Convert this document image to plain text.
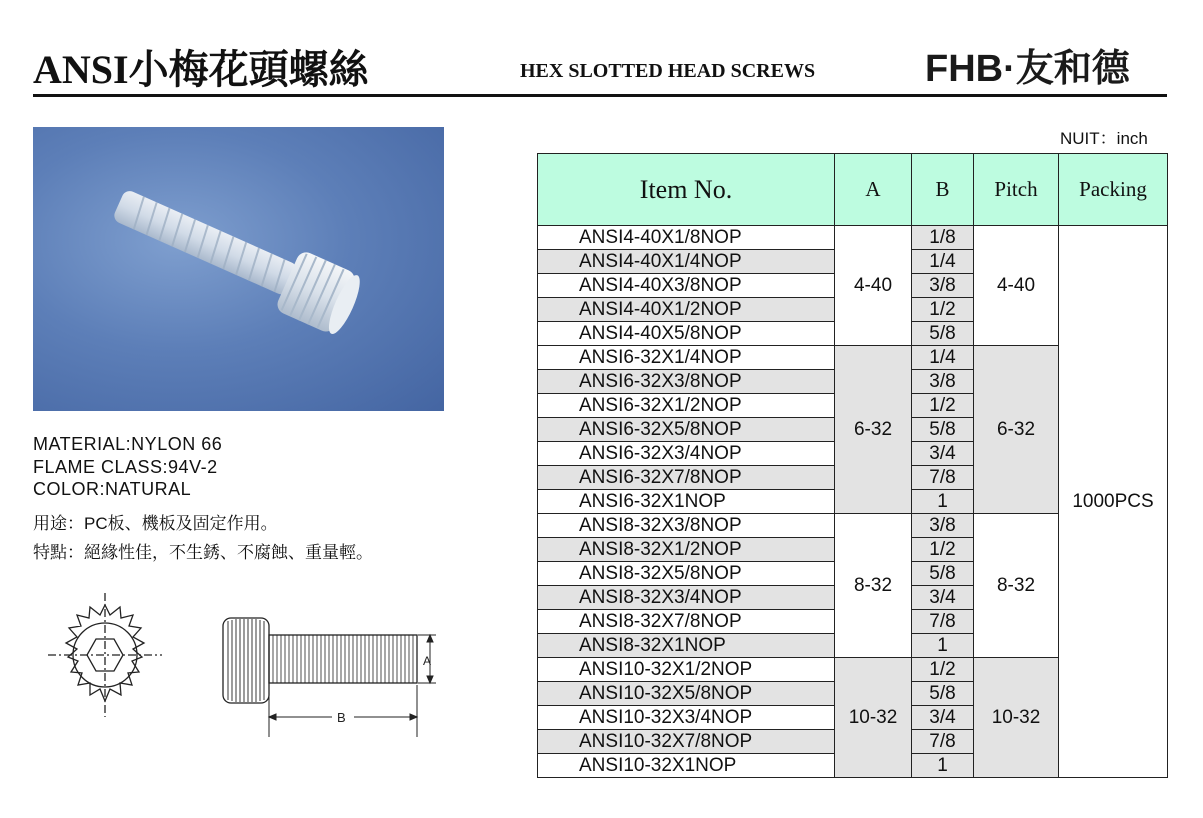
ANSI小梅花頭螺絲	HEX SLOTTED HEAD SCREWS	FHB·友和德
MATERIAL:NYLON 66
FLAME CLASS:94V-2
COLOR:NATURAL
用途：PC板、機板及固定作用。
特點：絕緣性佳，不生銹、不腐蝕、重量輕。
A
B
NUIT：inch
Item No.	A	B	Pitch	Packing
ANSI4-40X1/8NOP	4-40	1/8	4-40	1000PCS
ANSI4-40X1/4NOP		1/4		
ANSI4-40X3/8NOP		3/8		
ANSI4-40X1/2NOP		1/2		
ANSI4-40X5/8NOP		5/8		
ANSI6-32X1/4NOP	6-32	1/4	6-32	
ANSI6-32X3/8NOP		3/8		
ANSI6-32X1/2NOP		1/2		
ANSI6-32X5/8NOP		5/8		
ANSI6-32X3/4NOP		3/4		
ANSI6-32X7/8NOP		7/8		
ANSI6-32X1NOP		1		
ANSI8-32X3/8NOP	8-32	3/8	8-32	
ANSI8-32X1/2NOP		1/2		
ANSI8-32X5/8NOP		5/8		
ANSI8-32X3/4NOP		3/4		
ANSI8-32X7/8NOP		7/8		
ANSI8-32X1NOP		1		
ANSI10-32X1/2NOP	10-32	1/2	10-32	
ANSI10-32X5/8NOP		5/8		
ANSI10-32X3/4NOP		3/4		
ANSI10-32X7/8NOP		7/8		
ANSI10-32X1NOP		1		
